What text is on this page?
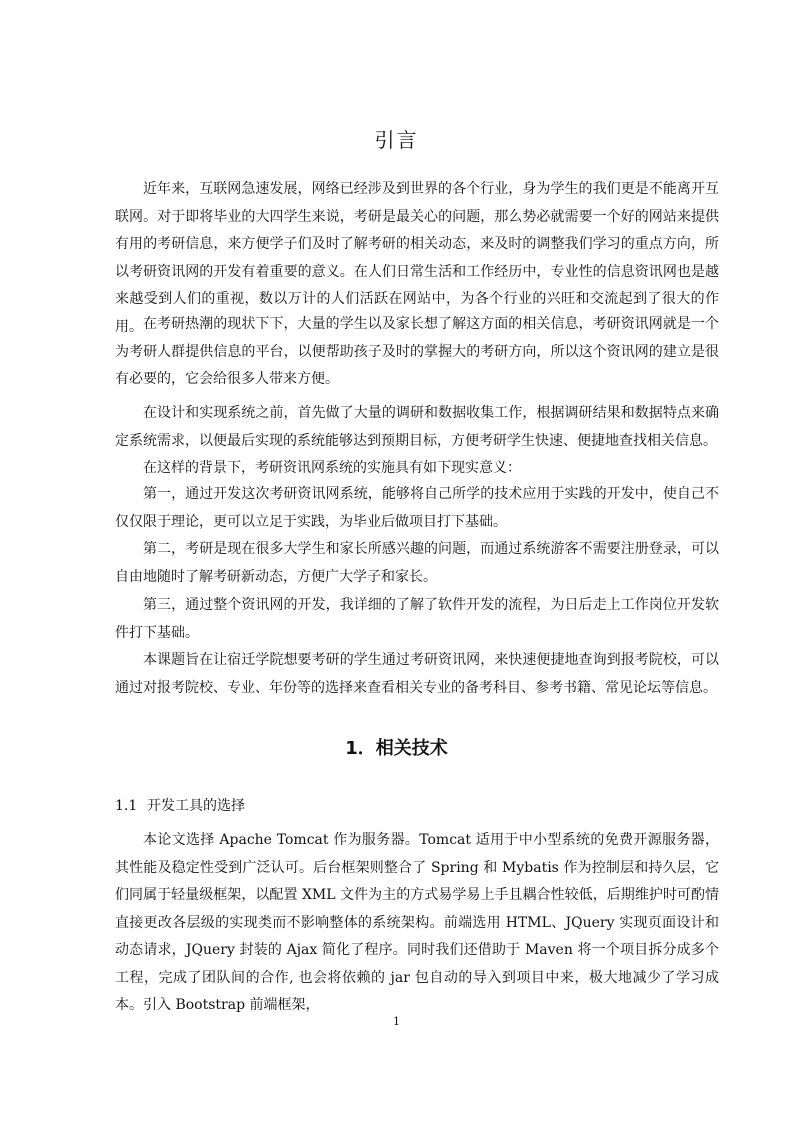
引言

近年来，互联网急速发展，网络已经涉及到世界的各个行业，身为学生的我们更是不能离开互联网。对于即将毕业的大四学生来说，考研是最关心的问题，那么势必就需要一个好的网站来提供有用的考研信息，来方便学子们及时了解考研的相关动态，来及时的调整我们学习的重点方向，所以考研资讯网的开发有着重要的意义。在人们日常生活和工作经历中，专业性的信息资讯网也是越来越受到人们的重视，数以万计的人们活跃在网站中，为各个行业的兴旺和交流起到了很大的作用。 在考研热潮的现状下下，大量的学生以及家长想了解这方面的相关信息，考研资讯网就是一个为考研人群提供信息的平台，以便帮助孩子及时的掌握大的考研方向，所以这个资讯网的建立是很有必要的，它会给很多人带来方便。

在设计和实现系统之前，首先做了大量的调研和数据收集工作，根据调研结果和数据特点来确定系统需求，以便最后实现的系统能够达到预期目标，方便考研学生快速、便捷地查找相关信息。

在这样的背景下，考研资讯网系统的实施具有如下现实意义：

第一，通过开发这次考研资讯网系统，能够将自己所学的技术应用于实践的开发中，使自己不仅仅限于理论，更可以立足于实践，为毕业后做项目打下基础。

第二，考研是现在很多大学生和家长所感兴趣的问题，而通过系统游客不需要注册登录，可以自由地随时了解考研新动态，方便广大学子和家长。

第三，通过整个资讯网的开发，我详细的了解了软件开发的流程，为日后走上工作岗位开发软件打下基础。

本课题旨在让宿迁学院想要考研的学生通过考研资讯网，来快速便捷地查询到报考院校，可以通过对报考院校、专业、年份等的选择来查看相关专业的备考科目、参考书籍、常见论坛等信息。

1．相关技术
1.1 开发工具的选择

本论文选择 Apache Tomcat 作为服务器。Tomcat 适用于中小型系统的免费开源服务器，其性能及稳定性受到广泛认可。后台框架则整合了 Spring 和 Mybatis 作为控制层和持久层，它们同属于轻量级框架，以配置 XML 文件为主的方式易学易上手且耦合性较低，后期维护时可酌情直接更改各层级的实现类而不影响整体的系统架构。前端选用 HTML、JQuery 实现页面设计和动态请求，JQuery 封装的 Ajax 简化了程序。同时我们还借助于 Maven 将一个项目拆分成多个工程，完成了团队间的合作, 也会将依赖的 jar 包自动的导入到项目中来，极大地减少了学习成本。引入 Bootstrap 前端框架，

1
